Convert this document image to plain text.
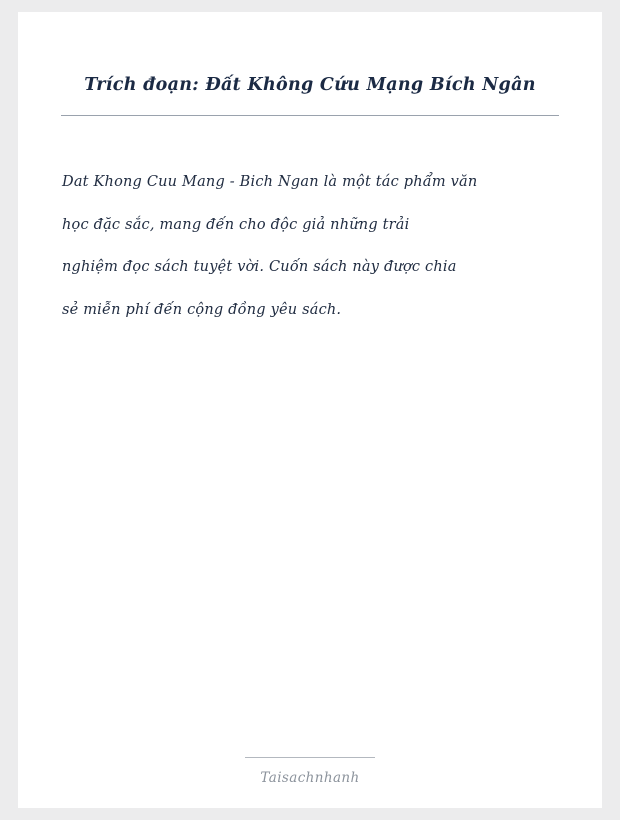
Trích đoạn: Đất Không Cứu Mạng Bích Ngân

Dat Khong Cuu Mang - Bich Ngan là một tác phẩm văn

học đặc sắc, mang đến cho độc giả những trải

nghiệm đọc sách tuyệt vời. Cuốn sách này được chia

sẻ miễn phí đến cộng đồng yêu sách.

Taisachnhanh
